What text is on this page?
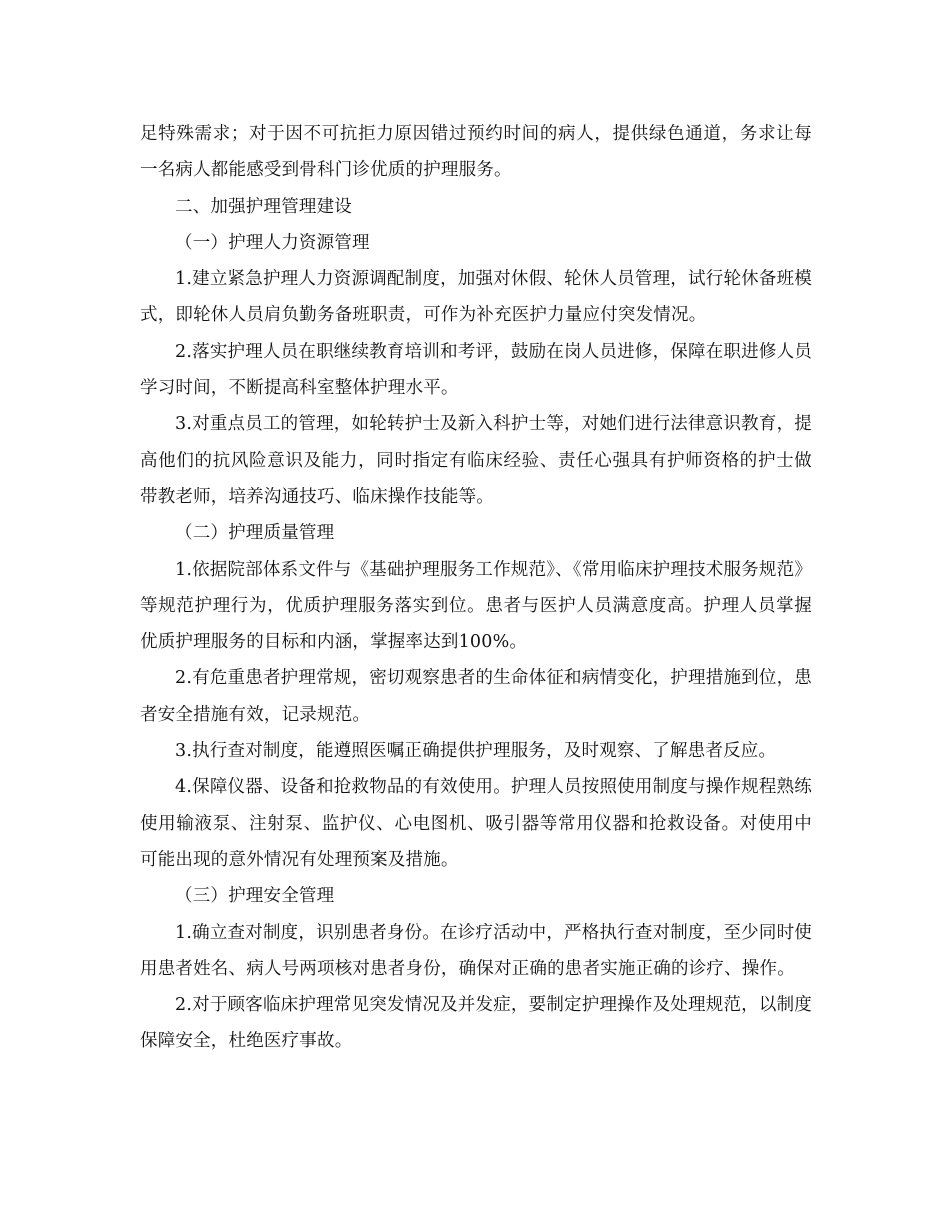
足特殊需求；对于因不可抗拒力原因错过预约时间的病人，提供绿色通道，务求让每一名病人都能感受到骨科门诊优质的护理服务。

二、加强护理管理建设

（一）护理人力资源管理

1.建立紧急护理人力资源调配制度，加强对休假、轮休人员管理，试行轮休备班模式，即轮休人员肩负勤务备班职责，可作为补充医护力量应付突发情况。

2.落实护理人员在职继续教育培训和考评，鼓励在岗人员进修，保障在职进修人员学习时间，不断提高科室整体护理水平。

3.对重点员工的管理，如轮转护士及新入科护士等，对她们进行法律意识教育，提高他们的抗风险意识及能力，同时指定有临床经验、责任心强具有护师资格的护士做带教老师，培养沟通技巧、临床操作技能等。

（二）护理质量管理

1.依据院部体系文件与《基础护理服务工作规范》、《常用临床护理技术服务规范》等规范护理行为，优质护理服务落实到位。患者与医护人员满意度高。护理人员掌握优质护理服务的目标和内涵，掌握率达到100%。

2.有危重患者护理常规，密切观察患者的生命体征和病情变化，护理措施到位，患者安全措施有效，记录规范。

3.执行查对制度，能遵照医嘱正确提供护理服务，及时观察、了解患者反应。

4.保障仪器、设备和抢救物品的有效使用。护理人员按照使用制度与操作规程熟练使用输液泵、注射泵、监护仪、心电图机、吸引器等常用仪器和抢救设备。对使用中可能出现的意外情况有处理预案及措施。

（三）护理安全管理

1.确立查对制度，识别患者身份。在诊疗活动中，严格执行查对制度，至少同时使用患者姓名、病人号两项核对患者身份，确保对正确的患者实施正确的诊疗、操作。

2.对于顾客临床护理常见突发情况及并发症，要制定护理操作及处理规范，以制度保障安全，杜绝医疗事故。
